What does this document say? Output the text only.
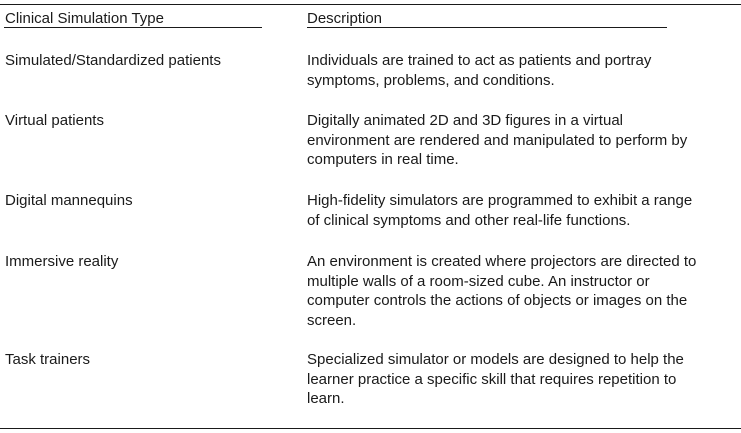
Clinical Simulation Type	Description
Simulated/Standardized patients	Individuals are trained to act as patients and portray
symptoms, problems, and conditions.
Virtual patients	Digitally animated 2D and 3D figures in a virtual
environment are rendered and manipulated to perform by
computers in real time.
Digital mannequins	High-fidelity simulators are programmed to exhibit a range
of clinical symptoms and other real-life functions.
Immersive reality	An environment is created where projectors are directed to
multiple walls of a room-sized cube. An instructor or
computer controls the actions of objects or images on the
screen.
Task trainers	Specialized simulator or models are designed to help the
learner practice a specific skill that requires repetition to
learn.
